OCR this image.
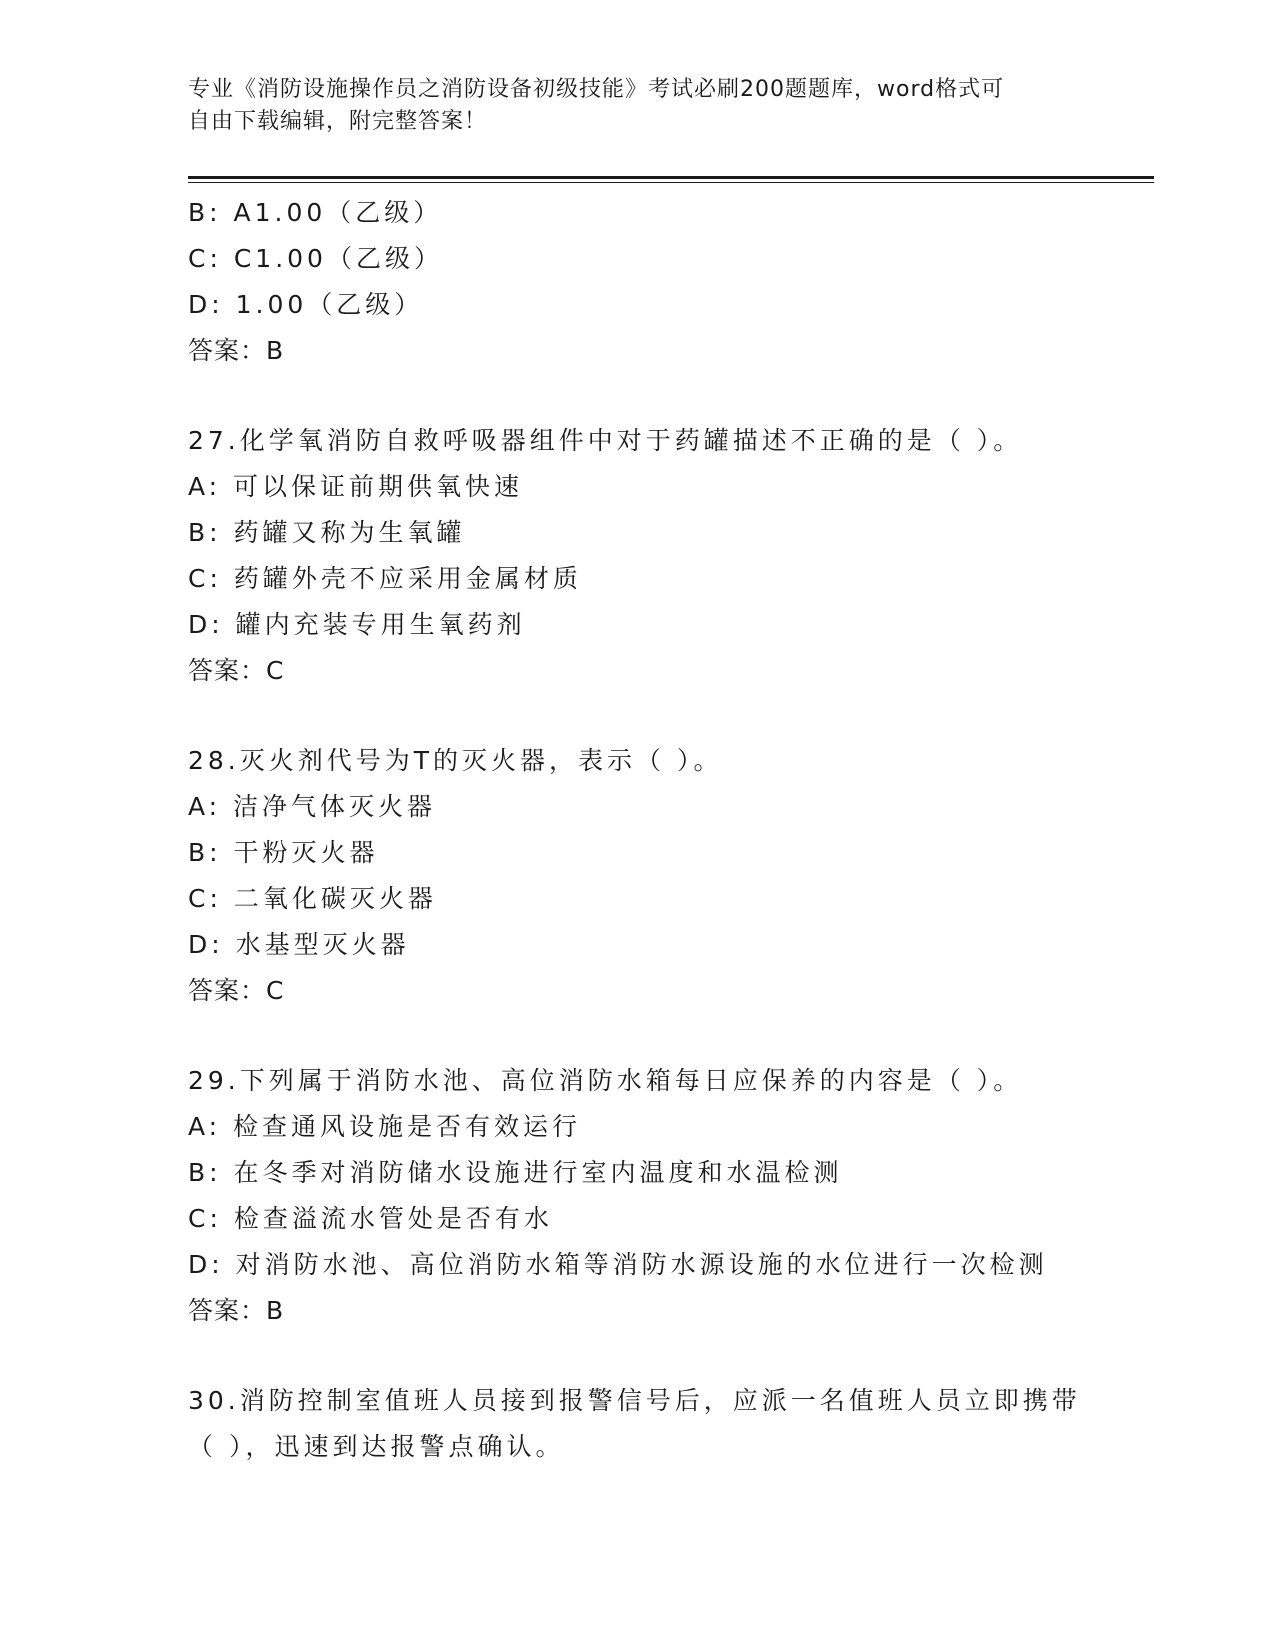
专业《消防设施操作员之消防设备初级技能》考试必刷200题题库，word格式可
自由下载编辑，附完整答案！
B: A1.00（乙级）
C: C1.00（乙级）
D: 1.00（乙级）
答案：B
27.化学氧消防自救呼吸器组件中对于药罐描述不正确的是（ ）。
A: 可以保证前期供氧快速
B: 药罐又称为生氧罐
C: 药罐外壳不应采用金属材质
D: 罐内充装专用生氧药剂
答案：C
28.灭火剂代号为T的灭火器，表示（ ）。
A: 洁净气体灭火器
B: 干粉灭火器
C: 二氧化碳灭火器
D: 水基型灭火器
答案：C
29.下列属于消防水池、高位消防水箱每日应保养的内容是（ ）。
A: 检查通风设施是否有效运行
B: 在冬季对消防储水设施进行室内温度和水温检测
C: 检查溢流水管处是否有水
D: 对消防水池、高位消防水箱等消防水源设施的水位进行一次检测
答案：B
30.消防控制室值班人员接到报警信号后，应派一名值班人员立即携带
（ ），迅速到达报警点确认。
